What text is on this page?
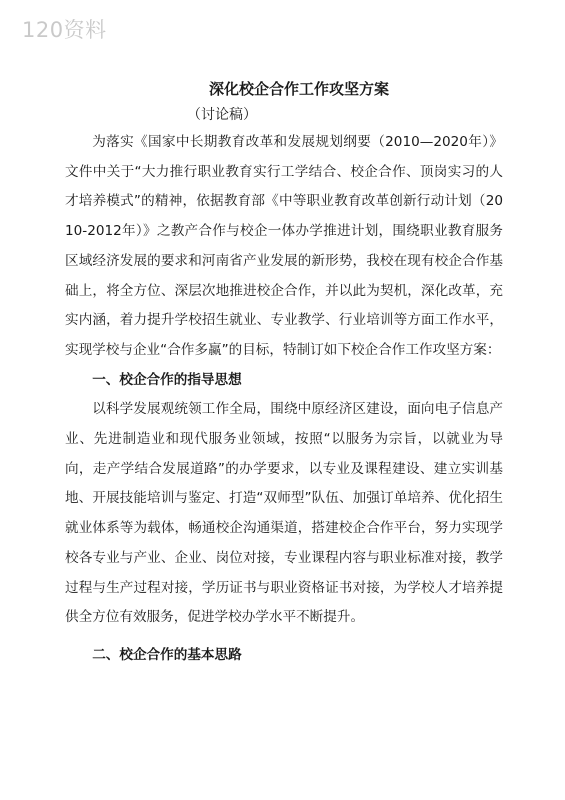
120资料
深化校企合作工作攻坚方案
（讨论稿）

为落实《国家中长期教育改革和发展规划纲要（2010—2020年）》文件中关于“大力推行职业教育实行工学结合、校企合作、顶岗实习的人才培养模式”的精神，依据教育部《中等职业教育改革创新行动计划（2010-2012年）》之教产合作与校企一体办学推进计划，围绕职业教育服务区域经济发展的要求和河南省产业发展的新形势，我校在现有校企合作基础上，将全方位、深层次地推进校企合作，并以此为契机，深化改革，充实内涵，着力提升学校招生就业、专业教学、行业培训等方面工作水平，实现学校与企业“合作多赢”的目标，特制订如下校企合作工作攻坚方案：

一、校企合作的指导思想

以科学发展观统领工作全局，围绕中原经济区建设，面向电子信息产业、先进制造业和现代服务业领域，按照“以服务为宗旨，以就业为导向，走产学结合发展道路”的办学要求，以专业及课程建设、建立实训基地、开展技能培训与鉴定、打造“双师型”队伍、加强订单培养、优化招生就业体系等为载体，畅通校企沟通渠道，搭建校企合作平台，努力实现学校各专业与产业、企业、岗位对接，专业课程内容与职业标准对接，教学过程与生产过程对接，学历证书与职业资格证书对接，为学校人才培养提供全方位有效服务，促进学校办学水平不断提升。

二、校企合作的基本思路
